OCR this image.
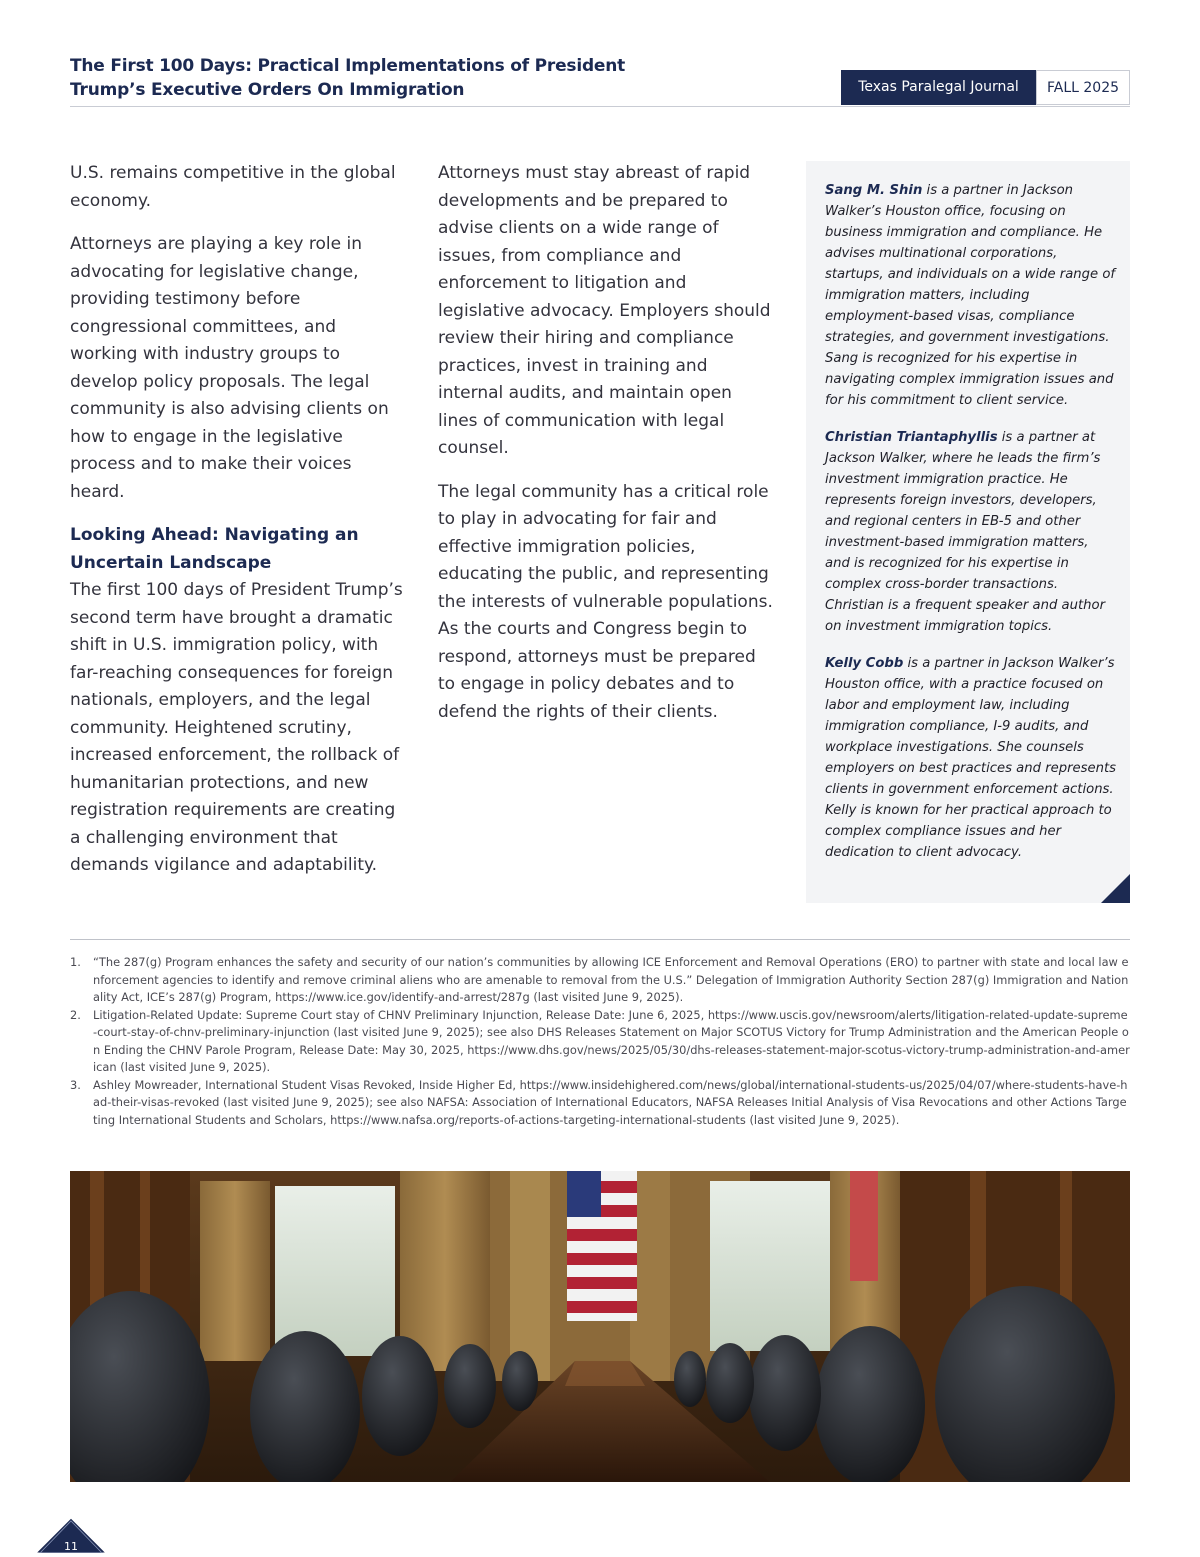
The First 100 Days: Practical Implementations of President
Trump’s Executive Orders On Immigration	Texas Paralegal Journal	FALL 2025

U.S. remains competitive in the global economy.

Attorneys are playing a key role in advocating for legislative change, providing testimony before congressional committees, and working with industry groups to develop policy proposals. The legal community is also advising clients on how to engage in the legislative process and to make their voices heard.

Looking Ahead: Navigating an Uncertain Landscape

The first 100 days of President Trump’s second term have brought a dramatic shift in U.S. immigration policy, with far-reaching consequences for foreign nationals, employers, and the legal community. Heightened scrutiny, increased enforcement, the rollback of humanitarian protections, and new registration requirements are creating a challenging environment that demands vigilance and adaptability.

Attorneys must stay abreast of rapid developments and be prepared to advise clients on a wide range of issues, from compliance and enforcement to litigation and legislative advocacy. Employers should review their hiring and compliance practices, invest in training and internal audits, and maintain open lines of communication with legal counsel.

The legal community has a critical role to play in advocating for fair and effective immigration policies, educating the public, and representing the interests of vulnerable populations. As the courts and Congress begin to respond, attorneys must be prepared to engage in policy debates and to defend the rights of their clients.

Sang M. Shin is a partner in Jackson Walker’s Houston office, focusing on business immigration and compliance. He advises multinational corporations, startups, and individuals on a wide range of immigration matters, including employment-based visas, compliance strategies, and government investigations. Sang is recognized for his expertise in navigating complex immigration issues and for his commitment to client service.

Christian Triantaphyllis is a partner at Jackson Walker, where he leads the firm’s investment immigration practice. He represents foreign investors, developers, and regional centers in EB-5 and other investment-based immigration matters, and is recognized for his expertise in complex cross-border transactions. Christian is a frequent speaker and author on investment immigration topics.

Kelly Cobb is a partner in Jackson Walker’s Houston office, with a practice focused on labor and employment law, including immigration compliance, I-9 audits, and workplace investigations. She counsels employers on best practices and represents clients in government enforcement actions. Kelly is known for her practical approach to complex compliance issues and her dedication to client advocacy.

1. “The 287(g) Program enhances the safety and security of our nation’s communities by allowing ICE Enforcement and Removal Operations (ERO) to partner with state and local law enforcement agencies to identify and remove criminal aliens who are amenable to removal from the U.S.” Delegation of Immigration Authority Section 287(g) Immigration and Nationality Act, ICE’s 287(g) Program, https://www.ice.gov/identify-and-arrest/287g (last visited June 9, 2025).
2. Litigation-Related Update: Supreme Court stay of CHNV Preliminary Injunction, Release Date: June 6, 2025, https://www.uscis.gov/newsroom/alerts/litigation-related-update-supreme-court-stay-of-chnv-preliminary-injunction (last visited June 9, 2025); see also DHS Releases Statement on Major SCOTUS Victory for Trump Administration and the American People on Ending the CHNV Parole Program, Release Date: May 30, 2025, https://www.dhs.gov/news/2025/05/30/dhs-releases-statement-major-scotus-victory-trump-administration-and-american (last visited June 9, 2025).
3. Ashley Mowreader, International Student Visas Revoked, Inside Higher Ed, https://www.insidehighered.com/news/global/international-students-us/2025/04/07/where-students-have-had-their-visas-revoked (last visited June 9, 2025); see also NAFSA: Association of International Educators, NAFSA Releases Initial Analysis of Visa Revocations and other Actions Targeting International Students and Scholars, https://www.nafsa.org/reports-of-actions-targeting-international-students (last visited June 9, 2025).
11
